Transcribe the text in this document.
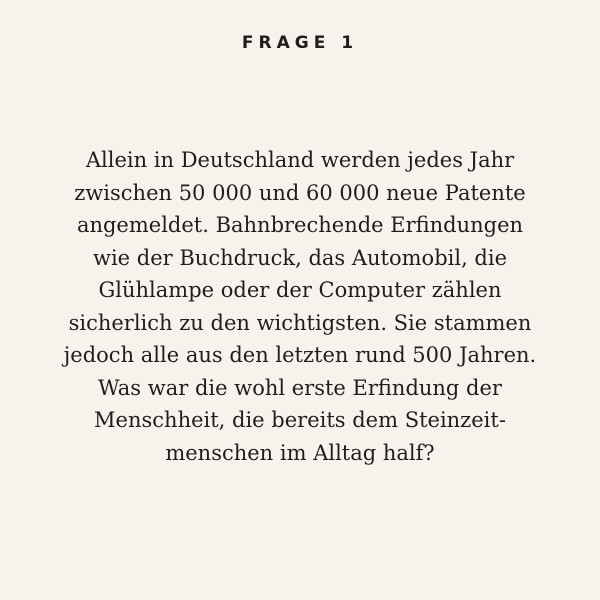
FRAGE 1
Allein in Deutschland werden jedes Jahr
zwischen 50 000 und 60 000 neue Patente
angemeldet. Bahnbrechende Erfindungen
wie der Buchdruck, das Automobil, die
Glühlampe oder der Computer zählen
sicherlich zu den wichtigsten. Sie stammen
jedoch alle aus den letzten rund 500 Jahren.
Was war die wohl erste Erfindung der
Menschheit, die bereits dem Steinzeit-
menschen im Alltag half?
